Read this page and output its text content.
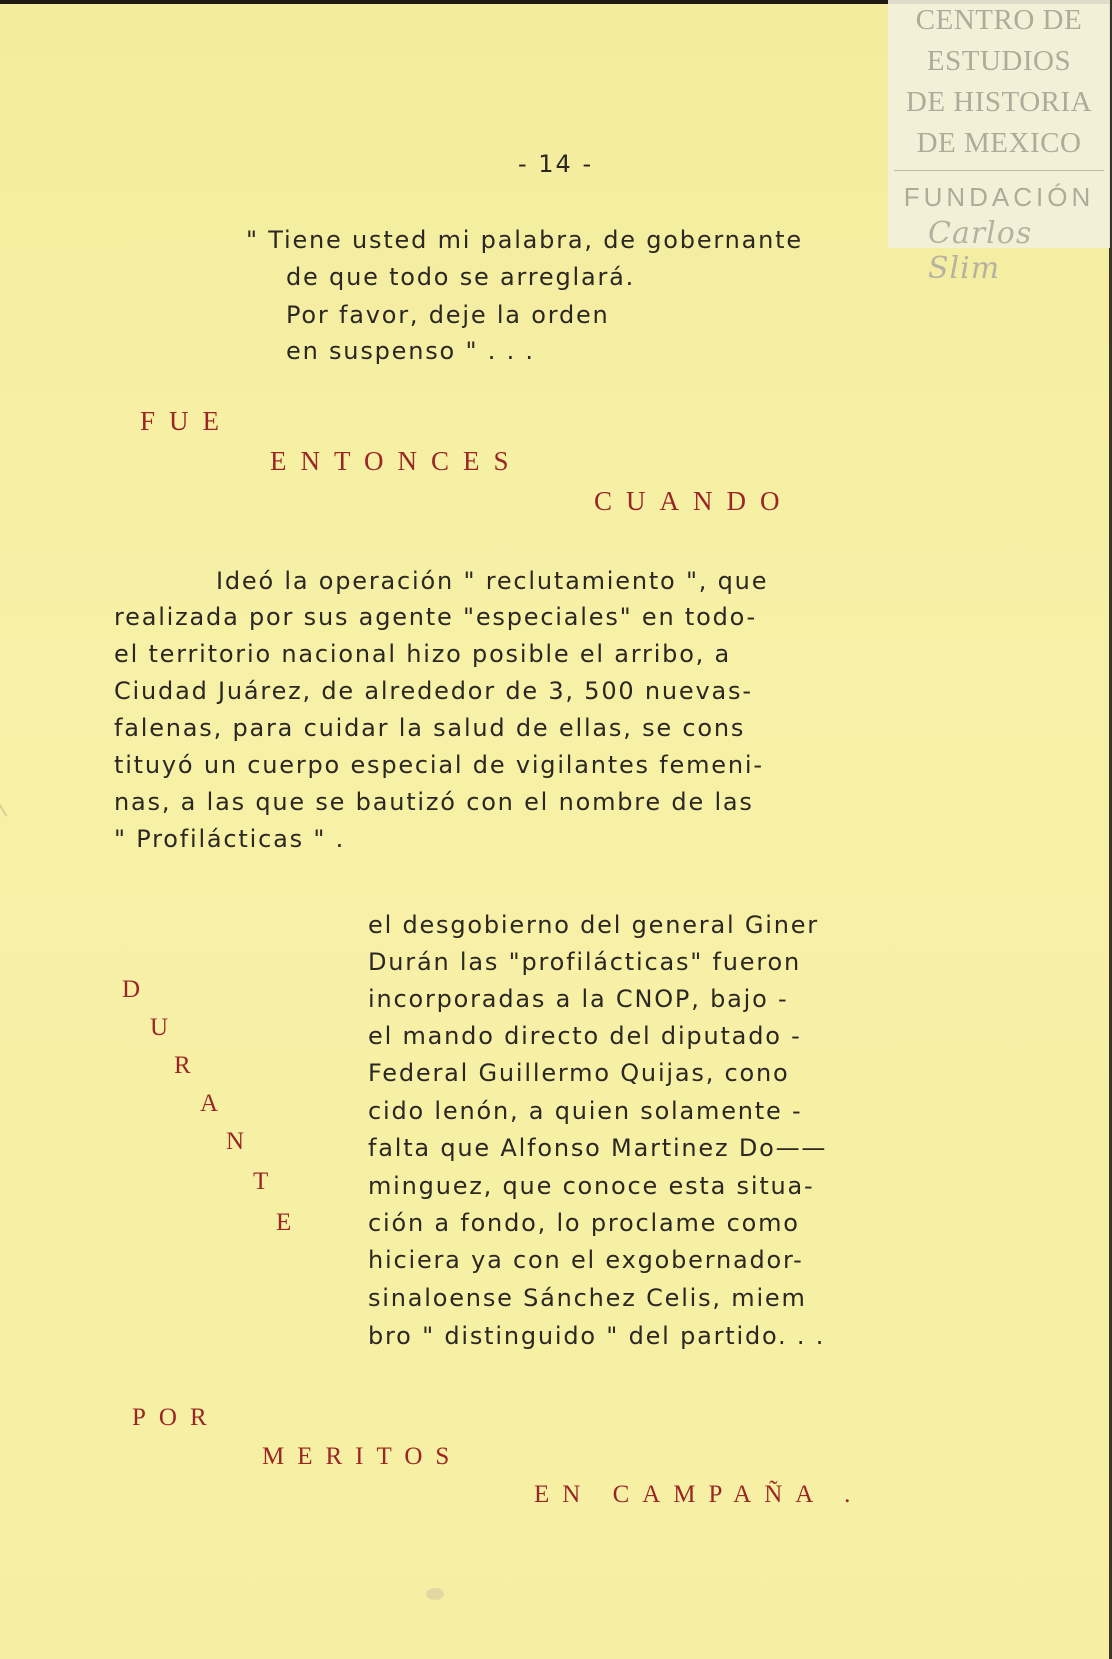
CENTRO DE
ESTUDIOS
DE HISTORIA
DE MEXICO
FUNDACIÓN
Carlos Slim
- 14 -
" Tiene usted mi palabra, de gobernante
de que todo se arreglará.
Por favor, deje la orden
en suspenso " . . .
FUE
ENTONCES
CUANDO
Ideó la operación " reclutamiento ", que
realizada por sus agente "especiales" en todo-
el territorio nacional hizo posible el arribo, a
Ciudad Juárez, de alrededor de 3, 500 nuevas-
falenas, para cuidar la salud de ellas, se cons
tituyó un cuerpo especial de vigilantes femeni-
nas, a las que se bautizó con el nombre de las
" Profilácticas " .
D
U
R
A
N
T
E
el desgobierno del general Giner
Durán las "profilácticas" fueron
incorporadas a la CNOP, bajo -
el mando directo del diputado -
Federal Guillermo Quijas, cono
cido lenón, a quien solamente -
falta que Alfonso Martinez Do——
minguez, que conoce esta situa-
ción a fondo, lo proclame como
hiciera ya con el exgobernador-
sinaloense Sánchez Celis, miem
bro " distinguido " del partido. . .
POR
MERITOS
EN CAMPAÑA .
